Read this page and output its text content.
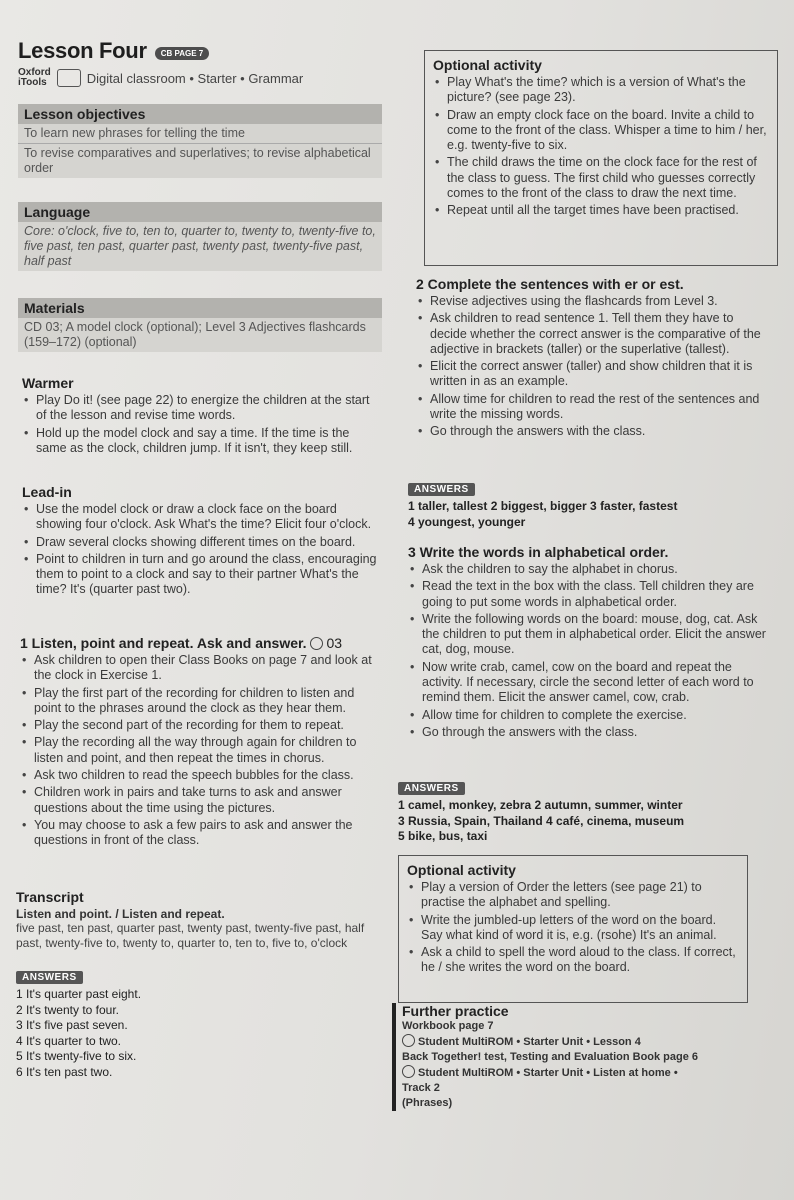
Lesson Four CB PAGE 7
Oxford
iTools	Digital classroom • Starter • Grammar
Lesson objectives
To learn new phrases for telling the time
To revise comparatives and superlatives; to revise alphabetical order
Language
Core: o'clock, five to, ten to, quarter to, twenty to, twenty-five to, five past, ten past, quarter past, twenty past, twenty-five past, half past
Materials
CD 03; A model clock (optional); Level 3 Adjectives flashcards (159–172) (optional)
Warmer
• Play Do it! (see page 22) to energize the children at the start of the lesson and revise time words.
• Hold up the model clock and say a time. If the time is the same as the clock, children jump. If it isn't, they keep still.
Lead-in
• Use the model clock or draw a clock face on the board showing four o'clock. Ask What's the time? Elicit four o'clock.
• Draw several clocks showing different times on the board.
• Point to children in turn and go around the class, encouraging them to point to a clock and say to their partner What's the time? It's (quarter past two).
1 Listen, point and repeat. Ask and answer. 03
• Ask children to open their Class Books on page 7 and look at the clock in Exercise 1.
• Play the first part of the recording for children to listen and point to the phrases around the clock as they hear them.
• Play the second part of the recording for them to repeat.
• Play the recording all the way through again for children to listen and point, and then repeat the times in chorus.
• Ask two children to read the speech bubbles for the class.
• Children work in pairs and take turns to ask and answer questions about the time using the pictures.
• You may choose to ask a few pairs to ask and answer the questions in front of the class.
Transcript
Listen and point. / Listen and repeat.
five past, ten past, quarter past, twenty past, twenty-five past, half past, twenty-five to, twenty to, quarter to, ten to, five to, o'clock
ANSWERS
1 It's quarter past eight.
2 It's twenty to four.
3 It's five past seven.
4 It's quarter to two.
5 It's twenty-five to six.
6 It's ten past two.
Optional activity
• Play What's the time? which is a version of What's the picture? (see page 23).
• Draw an empty clock face on the board. Invite a child to come to the front of the class. Whisper a time to him / her, e.g. twenty-five to six.
• The child draws the time on the clock face for the rest of the class to guess. The first child who guesses correctly comes to the front of the class to draw the next time.
• Repeat until all the target times have been practised.
2 Complete the sentences with er or est.
• Revise adjectives using the flashcards from Level 3.
• Ask children to read sentence 1. Tell them they have to decide whether the correct answer is the comparative of the adjective in brackets (taller) or the superlative (tallest).
• Elicit the correct answer (taller) and show children that it is written in as an example.
• Allow time for children to read the rest of the sentences and write the missing words.
• Go through the answers with the class.
ANSWERS
1 taller, tallest 2 biggest, bigger 3 faster, fastest
4 youngest, younger
3 Write the words in alphabetical order.
• Ask the children to say the alphabet in chorus.
• Read the text in the box with the class. Tell children they are going to put some words in alphabetical order.
• Write the following words on the board: mouse, dog, cat. Ask the children to put them in alphabetical order. Elicit the answer cat, dog, mouse.
• Now write crab, camel, cow on the board and repeat the activity. If necessary, circle the second letter of each word to remind them. Elicit the answer camel, cow, crab.
• Allow time for children to complete the exercise.
• Go through the answers with the class.
ANSWERS
1 camel, monkey, zebra 2 autumn, summer, winter
3 Russia, Spain, Thailand 4 café, cinema, museum
5 bike, bus, taxi
Optional activity
• Play a version of Order the letters (see page 21) to practise the alphabet and spelling.
• Write the jumbled-up letters of the word on the board. Say what kind of word it is, e.g. (rsohe) It's an animal.
• Ask a child to spell the word aloud to the class. If correct, he / she writes the word on the board.
Further practice
Workbook page 7
Student MultiROM • Starter Unit • Lesson 4
Back Together! test, Testing and Evaluation Book page 6
Student MultiROM • Starter Unit • Listen at home • Track 2
(Phrases)
